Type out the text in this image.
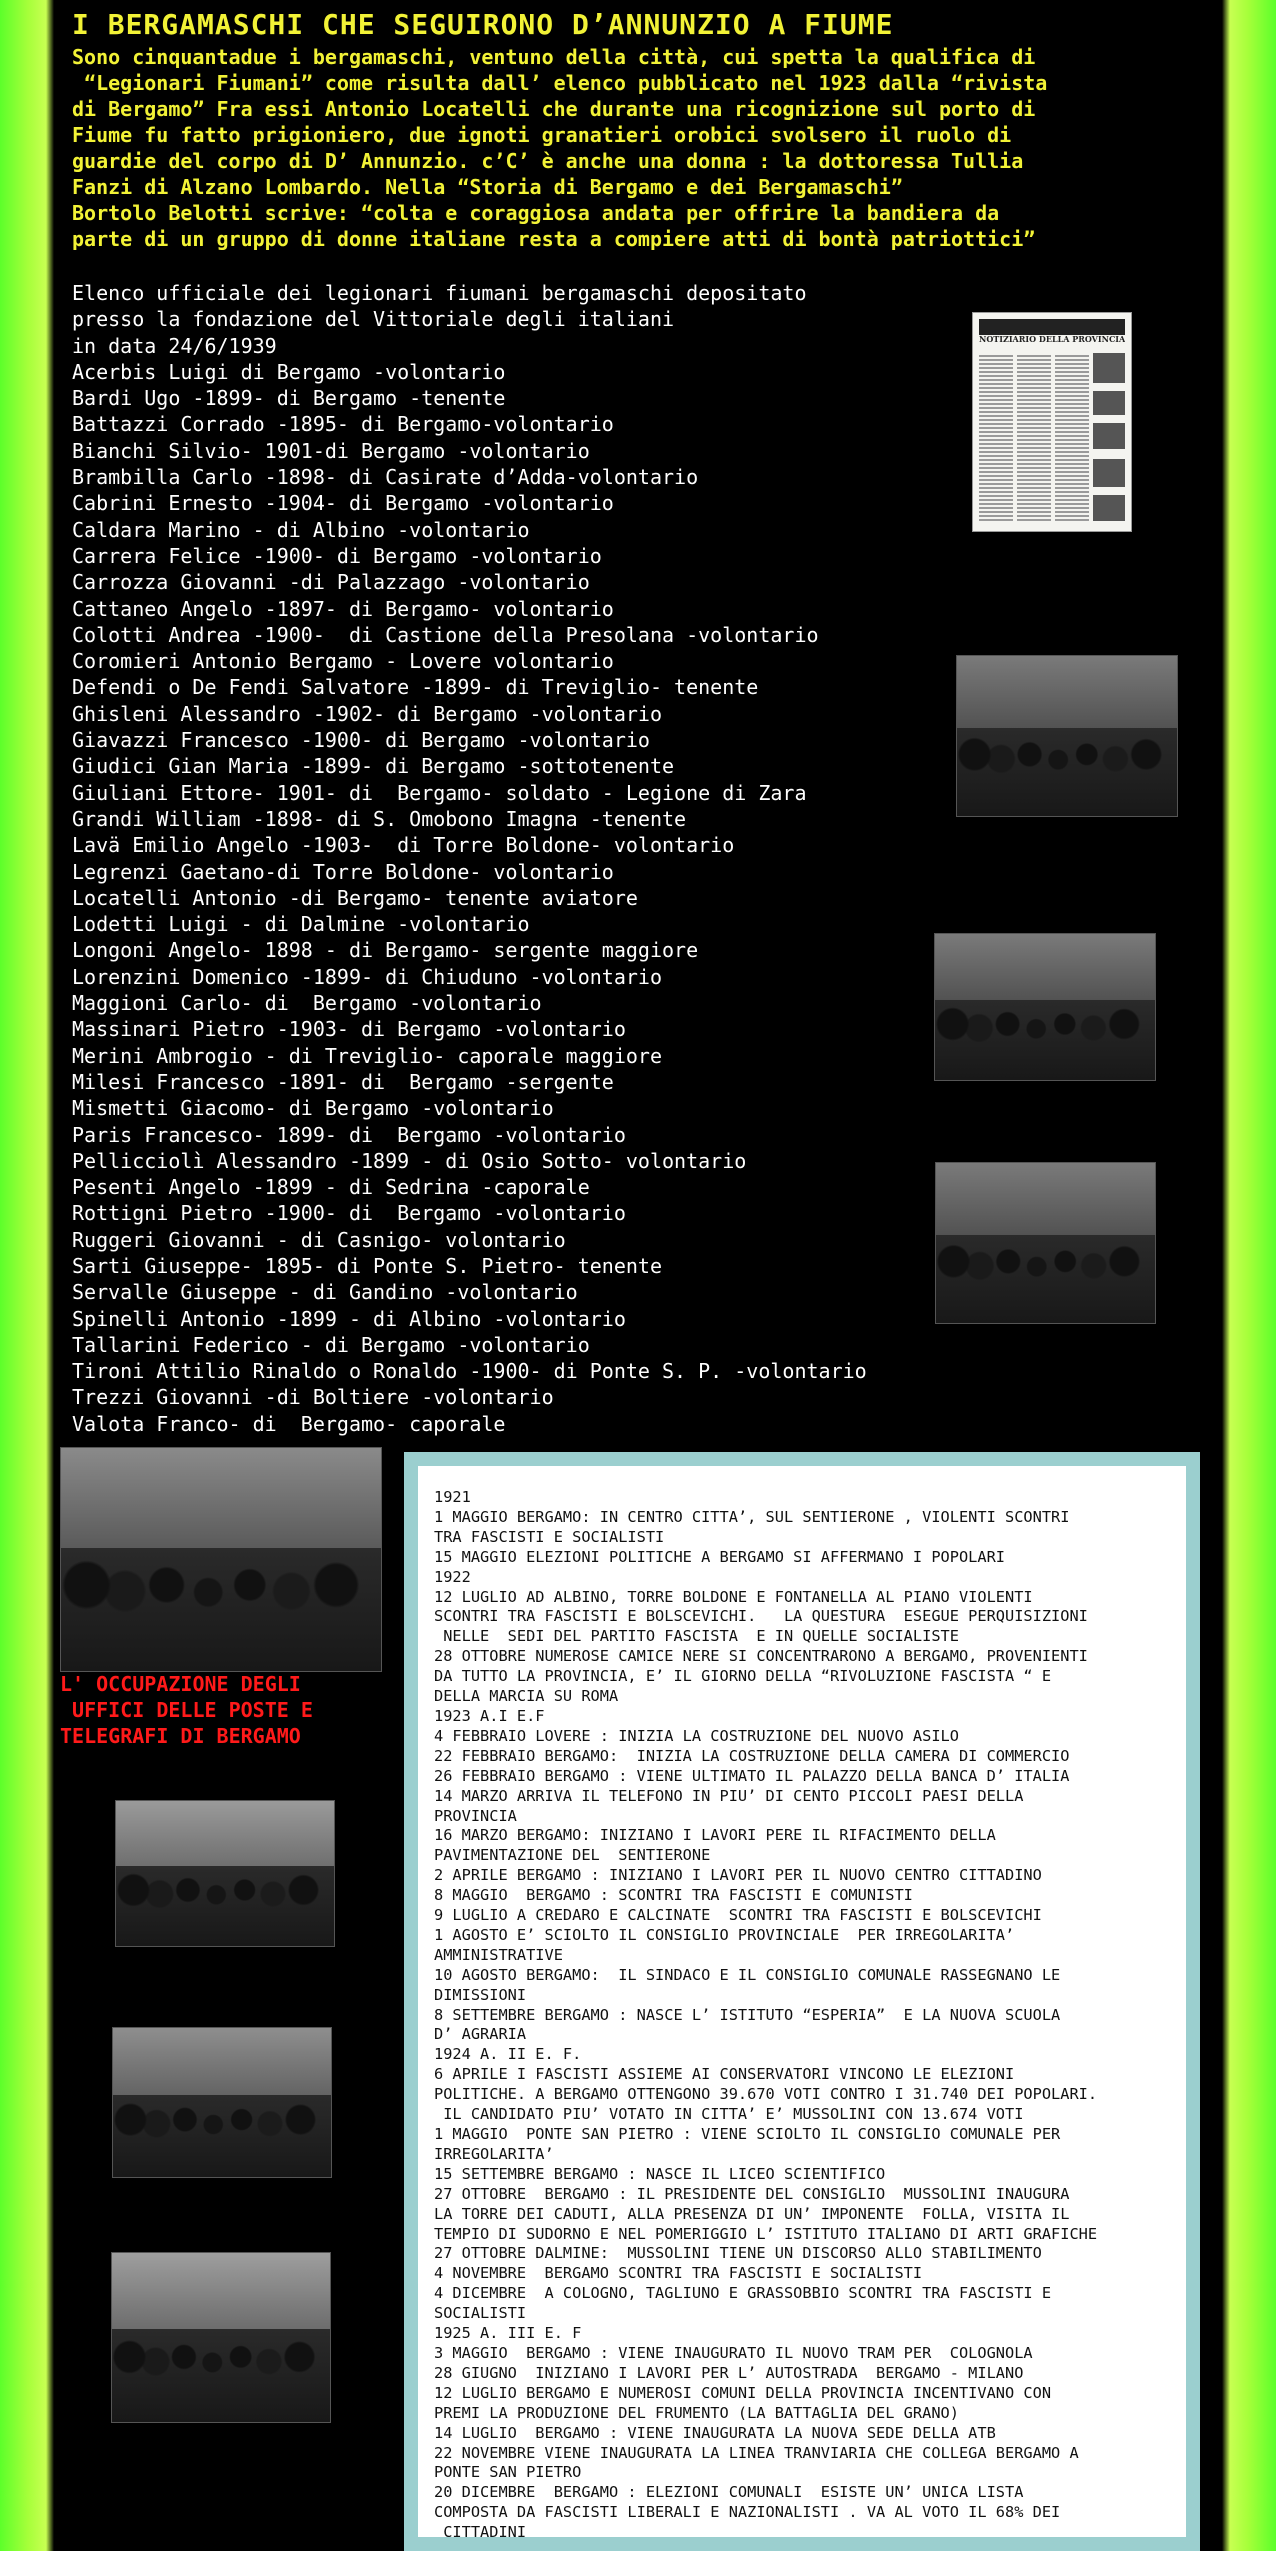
I BERGAMASCHI CHE SEGUIRONO D’ANNUNZIO A FIUME
Sono cinquantadue i bergamaschi, ventuno della città, cui spetta la qualifica di
“Legionari Fiumani” come risulta dall’ elenco pubblicato nel 1923 dalla “rivista
di Bergamo” Fra essi Antonio Locatelli che durante una ricognizione sul porto di
Fiume fu fatto prigioniero, due ignoti granatieri orobici svolsero il ruolo di
guardie del corpo di D’ Annunzio. c’C’ è anche una donna : la dottoressa Tullia
Fanzi di Alzano Lombardo. Nella “Storia di Bergamo e dei Bergamaschi”
Bortolo Belotti scrive: “colta e coraggiosa andata per offrire la bandiera da
parte di un gruppo di donne italiane resta a compiere atti di bontà patriottici”
Elenco ufficiale dei legionari fiumani bergamaschi depositato
presso la fondazione del Vittoriale degli italiani
in data 24/6/1939
Acerbis Luigi di Bergamo -volontario
Bardi Ugo -1899- di Bergamo -tenente
Battazzi Corrado -1895- di Bergamo-volontario
Bianchi Silvio- 1901-di Bergamo -volontario
Brambilla Carlo -1898- di Casirate d’Adda-volontario
Cabrini Ernesto -1904- di Bergamo -volontario
Caldara Marino - di Albino -volontario
Carrera Felice -1900- di Bergamo -volontario
Carrozza Giovanni -di Palazzago -volontario
Cattaneo Angelo -1897- di Bergamo- volontario
Colotti Andrea -1900-  di Castione della Presolana -volontario
Coromieri Antonio Bergamo - Lovere volontario
Defendi o De Fendi Salvatore -1899- di Treviglio- tenente
Ghisleni Alessandro -1902- di Bergamo -volontario
Giavazzi Francesco -1900- di Bergamo -volontario
Giudici Gian Maria -1899- di Bergamo -sottotenente
Giuliani Ettore- 1901- di  Bergamo- soldato - Legione di Zara
Grandi William -1898- di S. Omobono Imagna -tenente
Lavä Emilio Angelo -1903-  di Torre Boldone- volontario
Legrenzi Gaetano-di Torre Boldone- volontario
Locatelli Antonio -di Bergamo- tenente aviatore
Lodetti Luigi - di Dalmine -volontario
Longoni Angelo- 1898 - di Bergamo- sergente maggiore
Lorenzini Domenico -1899- di Chiuduno -volontario
Maggioni Carlo- di  Bergamo -volontario
Massinari Pietro -1903- di Bergamo -volontario
Merini Ambrogio - di Treviglio- caporale maggiore
Milesi Francesco -1891- di  Bergamo -sergente
Mismetti Giacomo- di Bergamo -volontario
Paris Francesco- 1899- di  Bergamo -volontario
Pellicciolì Alessandro -1899 - di Osio Sotto- volontario
Pesenti Angelo -1899 - di Sedrina -caporale
Rottigni Pietro -1900- di  Bergamo -volontario
Ruggeri Giovanni - di Casnigo- volontario
Sarti Giuseppe- 1895- di Ponte S. Pietro- tenente
Servalle Giuseppe - di Gandino -volontario
Spinelli Antonio -1899 - di Albino -volontario
Tallarini Federico - di Bergamo -volontario
Tironi Attilio Rinaldo o Ronaldo -1900- di Ponte S. P. -volontario
Trezzi Giovanni -di Boltiere -volontario
Valota Franco- di  Bergamo- caporale
NOTIZIARIO DELLA PROVINCIA
L' OCCUPAZIONE DEGLI
UFFICI DELLE POSTE E
TELEGRAFI DI BERGAMO
1921
1 MAGGIO BERGAMO: IN CENTRO CITTA’, SUL SENTIERONE , VIOLENTI SCONTRI
TRA FASCISTI E SOCIALISTI
15 MAGGIO ELEZIONI POLITICHE A BERGAMO SI AFFERMANO I POPOLARI
1922
12 LUGLIO AD ALBINO, TORRE BOLDONE E FONTANELLA AL PIANO VIOLENTI
SCONTRI TRA FASCISTI E BOLSCEVICHI.   LA QUESTURA  ESEGUE PERQUISIZIONI
NELLE  SEDI DEL PARTITO FASCISTA  E IN QUELLE SOCIALISTE
28 OTTOBRE NUMEROSE CAMICE NERE SI CONCENTRARONO A BERGAMO, PROVENIENTI
DA TUTTO LA PROVINCIA, E’ IL GIORNO DELLA “RIVOLUZIONE FASCISTA “ E
DELLA MARCIA SU ROMA
1923 A.I E.F
4 FEBBRAIO LOVERE : INIZIA LA COSTRUZIONE DEL NUOVO ASILO
22 FEBBRAIO BERGAMO:  INIZIA LA COSTRUZIONE DELLA CAMERA DI COMMERCIO
26 FEBBRAIO BERGAMO : VIENE ULTIMATO IL PALAZZO DELLA BANCA D’ ITALIA
14 MARZO ARRIVA IL TELEFONO IN PIU’ DI CENTO PICCOLI PAESI DELLA
PROVINCIA
16 MARZO BERGAMO: INIZIANO I LAVORI PERE IL RIFACIMENTO DELLA
PAVIMENTAZIONE DEL  SENTIERONE
2 APRILE BERGAMO : INIZIANO I LAVORI PER IL NUOVO CENTRO CITTADINO
8 MAGGIO  BERGAMO : SCONTRI TRA FASCISTI E COMUNISTI
9 LUGLIO A CREDARO E CALCINATE  SCONTRI TRA FASCISTI E BOLSCEVICHI
1 AGOSTO E’ SCIOLTO IL CONSIGLIO PROVINCIALE  PER IRREGOLARITA’
AMMINISTRATIVE
10 AGOSTO BERGAMO:  IL SINDACO E IL CONSIGLIO COMUNALE RASSEGNANO LE
DIMISSIONI
8 SETTEMBRE BERGAMO : NASCE L’ ISTITUTO “ESPERIA”  E LA NUOVA SCUOLA
D’ AGRARIA
1924 A. II E. F.
6 APRILE I FASCISTI ASSIEME AI CONSERVATORI VINCONO LE ELEZIONI
POLITICHE. A BERGAMO OTTENGONO 39.670 VOTI CONTRO I 31.740 DEI POPOLARI.
IL CANDIDATO PIU’ VOTATO IN CITTA’ E’ MUSSOLINI CON 13.674 VOTI
1 MAGGIO  PONTE SAN PIETRO : VIENE SCIOLTO IL CONSIGLIO COMUNALE PER
IRREGOLARITA’
15 SETTEMBRE BERGAMO : NASCE IL LICEO SCIENTIFICO
27 OTTOBRE  BERGAMO : IL PRESIDENTE DEL CONSIGLIO  MUSSOLINI INAUGURA
LA TORRE DEI CADUTI, ALLA PRESENZA DI UN’ IMPONENTE  FOLLA, VISITA IL
TEMPIO DI SUDORNO E NEL POMERIGGIO L’ ISTITUTO ITALIANO DI ARTI GRAFICHE
27 OTTOBRE DALMINE:  MUSSOLINI TIENE UN DISCORSO ALLO STABILIMENTO
4 NOVEMBRE  BERGAMO SCONTRI TRA FASCISTI E SOCIALISTI
4 DICEMBRE  A COLOGNO, TAGLIUNO E GRASSOBBIO SCONTRI TRA FASCISTI E
SOCIALISTI
1925 A. III E. F
3 MAGGIO  BERGAMO : VIENE INAUGURATO IL NUOVO TRAM PER  COLOGNOLA
28 GIUGNO  INIZIANO I LAVORI PER L’ AUTOSTRADA  BERGAMO - MILANO
12 LUGLIO BERGAMO E NUMEROSI COMUNI DELLA PROVINCIA INCENTIVANO CON
PREMI LA PRODUZIONE DEL FRUMENTO (LA BATTAGLIA DEL GRANO)
14 LUGLIO  BERGAMO : VIENE INAUGURATA LA NUOVA SEDE DELLA ATB
22 NOVEMBRE VIENE INAUGURATA LA LINEA TRANVIARIA CHE COLLEGA BERGAMO A
PONTE SAN PIETRO
20 DICEMBRE  BERGAMO : ELEZIONI COMUNALI  ESISTE UN’ UNICA LISTA
COMPOSTA DA FASCISTI LIBERALI E NAZIONALISTI . VA AL VOTO IL 68% DEI
CITTADINI
